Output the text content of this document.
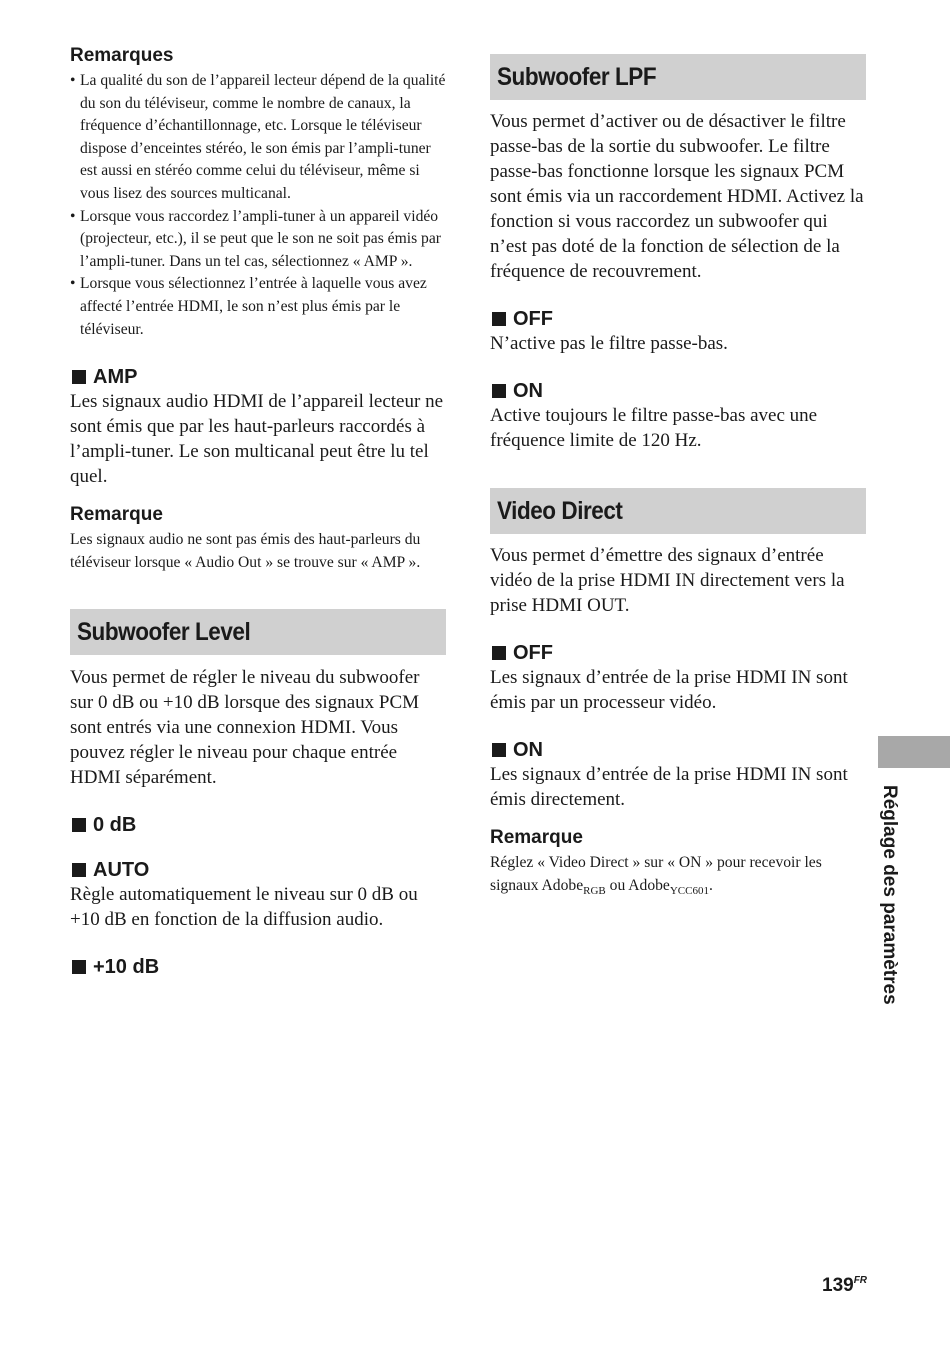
Remarques
• La qualité du son de l’appareil lecteur dépend de la qualité du son du téléviseur, comme le nombre de canaux, la fréquence d’échantillonnage, etc. Lorsque le téléviseur dispose d’enceintes stéréo, le son émis par l’ampli-tuner est aussi en stéréo comme celui du téléviseur, même si vous lisez des sources multicanal.
• Lorsque vous raccordez l’ampli-tuner à un appareil vidéo (projecteur, etc.), il se peut que le son ne soit pas émis par l’ampli-tuner. Dans un tel cas, sélectionnez « AMP ».
• Lorsque vous sélectionnez l’entrée à laquelle vous avez affecté l’entrée HDMI, le son n’est plus émis par le téléviseur.

AMP

Les signaux audio HDMI de l’appareil lecteur ne sont émis que par les haut-parleurs raccordés à l’ampli-tuner. Le son multicanal peut être lu tel quel.

Remarque

Les signaux audio ne sont pas émis des haut-parleurs du téléviseur lorsque « Audio Out » se trouve sur « AMP ».

Subwoofer Level

Vous permet de régler le niveau du subwoofer sur 0 dB ou +10 dB lorsque des signaux PCM sont entrés via une connexion HDMI. Vous pouvez régler le niveau pour chaque entrée HDMI séparément.

0 dB

AUTO

Règle automatiquement le niveau sur 0 dB ou +10 dB en fonction de la diffusion audio.

+10 dB

Subwoofer LPF

Vous permet d’activer ou de désactiver le filtre passe-bas de la sortie du subwoofer. Le filtre passe-bas fonctionne lorsque les signaux PCM sont émis via un raccordement HDMI. Activez la fonction si vous raccordez un subwoofer qui n’est pas doté de la fonction de sélection de la fréquence de recouvrement.

OFF

N’active pas le filtre passe-bas.

ON

Active toujours le filtre passe-bas avec une fréquence limite de 120 Hz.

Video Direct

Vous permet d’émettre des signaux d’entrée vidéo de la prise HDMI IN directement vers la prise HDMI OUT.

OFF

Les signaux d’entrée de la prise HDMI IN sont émis par un processeur vidéo.

ON

Les signaux d’entrée de la prise HDMI IN sont émis directement.

Remarque

Réglez « Video Direct » sur « ON » pour recevoir les signaux Adobe$_{RGB}$ ou Adobe$_{YCC601}$.	Réglage des paramètres
$139^{FR}$
